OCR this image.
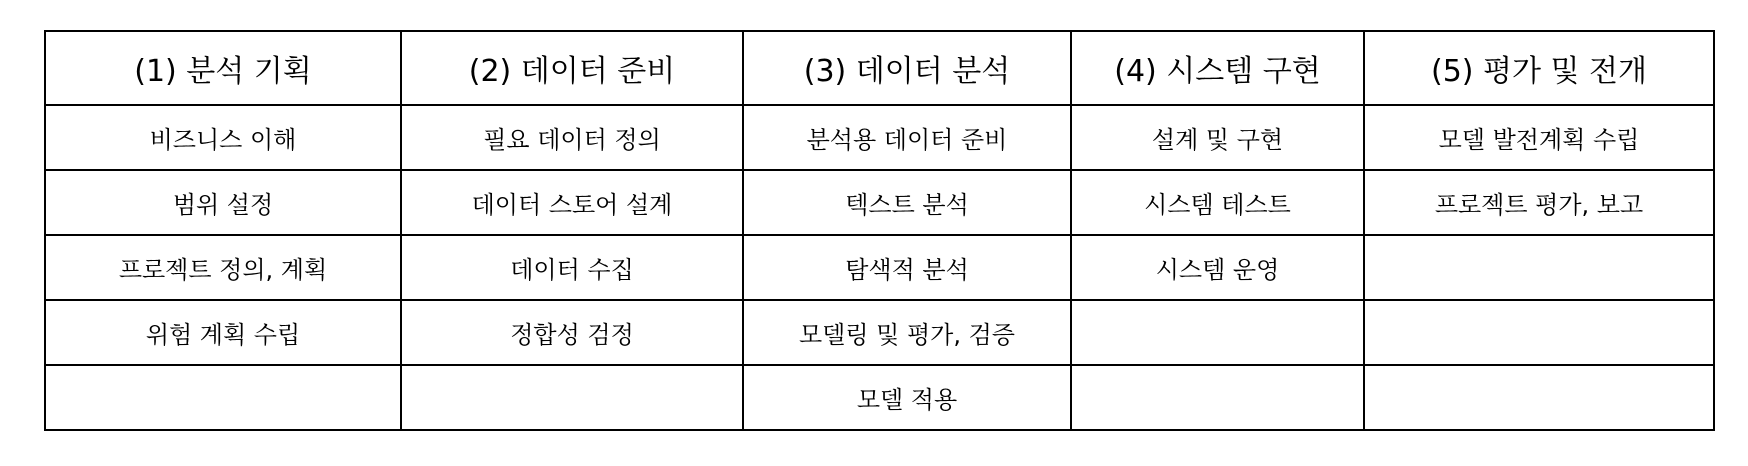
(1) 분석 기획	(2) 데이터 준비	(3) 데이터 분석	(4) 시스템 구현	(5) 평가 및 전개
비즈니스 이해	필요 데이터 정의	분석용 데이터 준비	설계 및 구현	모델 발전계획 수립
범위 설정	데이터 스토어 설계	텍스트 분석	시스템 테스트	프로젝트 평가, 보고
프로젝트 정의, 계획	데이터 수집	탐색적 분석	시스템 운영	
위험 계획 수립	정합성 검정	모델링 및 평가, 검증		
		모델 적용		
